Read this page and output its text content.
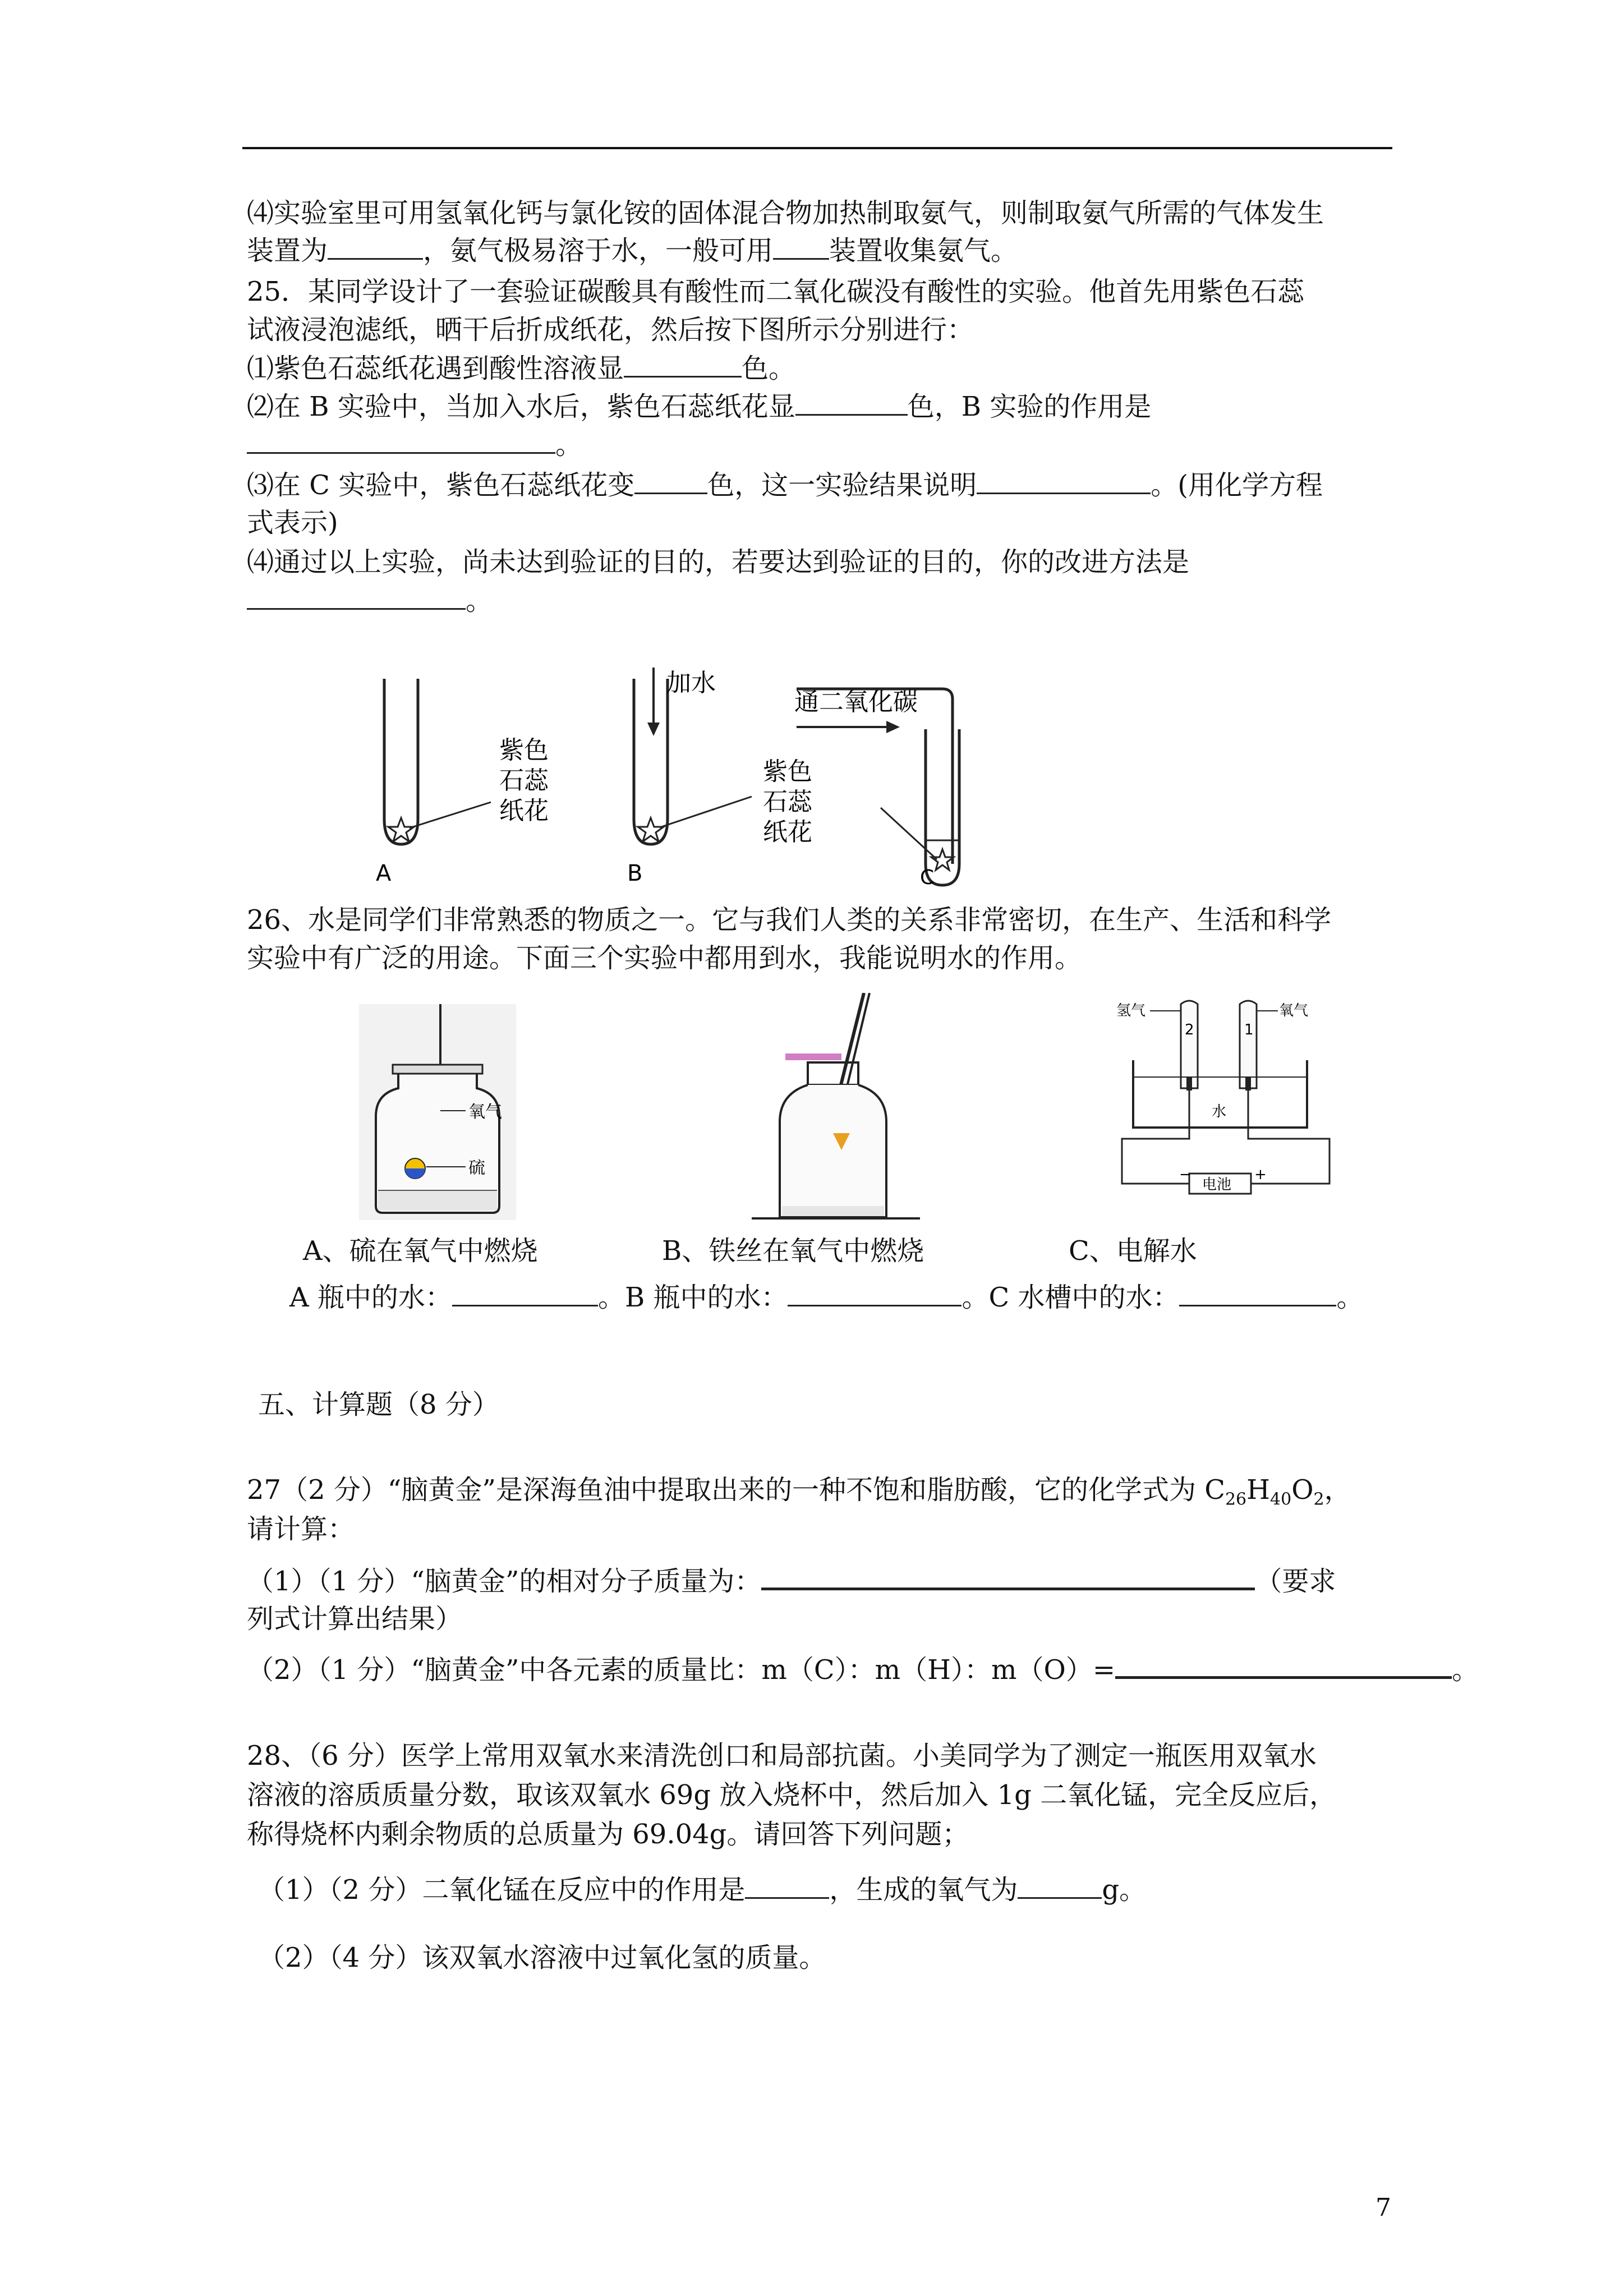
⑷实验室里可用氢氧化钙与氯化铵的固体混合物加热制取氨气，则制取氨气所需的气体发生
装置为	，氨气极易溶于水，一般可用 装置收集氨气。
25．某同学设计了一套验证碳酸具有酸性而二氧化碳没有酸性的实验。他首先用紫色石蕊
试液浸泡滤纸，晒干后折成纸花，然后按下图所示分别进行：
⑴紫色石蕊纸花遇到酸性溶液显	色。
⑵在 B 实验中，当加入水后，紫色石蕊纸花显	色，B 实验的作用是
。
⑶在 C 实验中，紫色石蕊纸花变	色，这一实验结果说明	。(用化学方程
式表示)
⑷通过以上实验，尚未达到验证的目的，若要达到验证的目的，你的改进方法是
。
紫色
石蕊
纸花
A
加水
紫色
石蕊
纸花
B
通二氧化碳
C
26、水是同学们非常熟悉的物质之一。它与我们人类的关系非常密切，在生产、生活和科学
实验中有广泛的用途。下面三个实验中都用到水，我能说明水的作用。
氧气
硫
氢气	氧气
2	1
水
电池
−	+
A、硫在氧气中燃烧	B、铁丝在氧气中燃烧	C、电解水
A 瓶中的水：	。B 瓶中的水：	。C 水槽中的水：	。
五、计算题（8 分）
27（2 分）“脑黄金”是深海鱼油中提取出来的一种不饱和脂肪酸，它的化学式为 $C_{26}H_{40}O_2$，
请计算：
（1）（1 分）“脑黄金”的相对分子质量为：	（要求
列式计算出结果）
（2）（1 分）“脑黄金”中各元素的质量比：m（C）：m（H）：m（O）=	。
28、（6 分）医学上常用双氧水来清洗创口和局部抗菌。小美同学为了测定一瓶医用双氧水
溶液的溶质质量分数，取该双氧水 69g 放入烧杯中，然后加入 1g 二氧化锰，完全反应后，
称得烧杯内剩余物质的总质量为 69.04g。请回答下列问题；
（1）（2 分）二氧化锰在反应中的作用是	，生成的氧气为	g。
（2）（4 分）该双氧水溶液中过氧化氢的质量。
7
